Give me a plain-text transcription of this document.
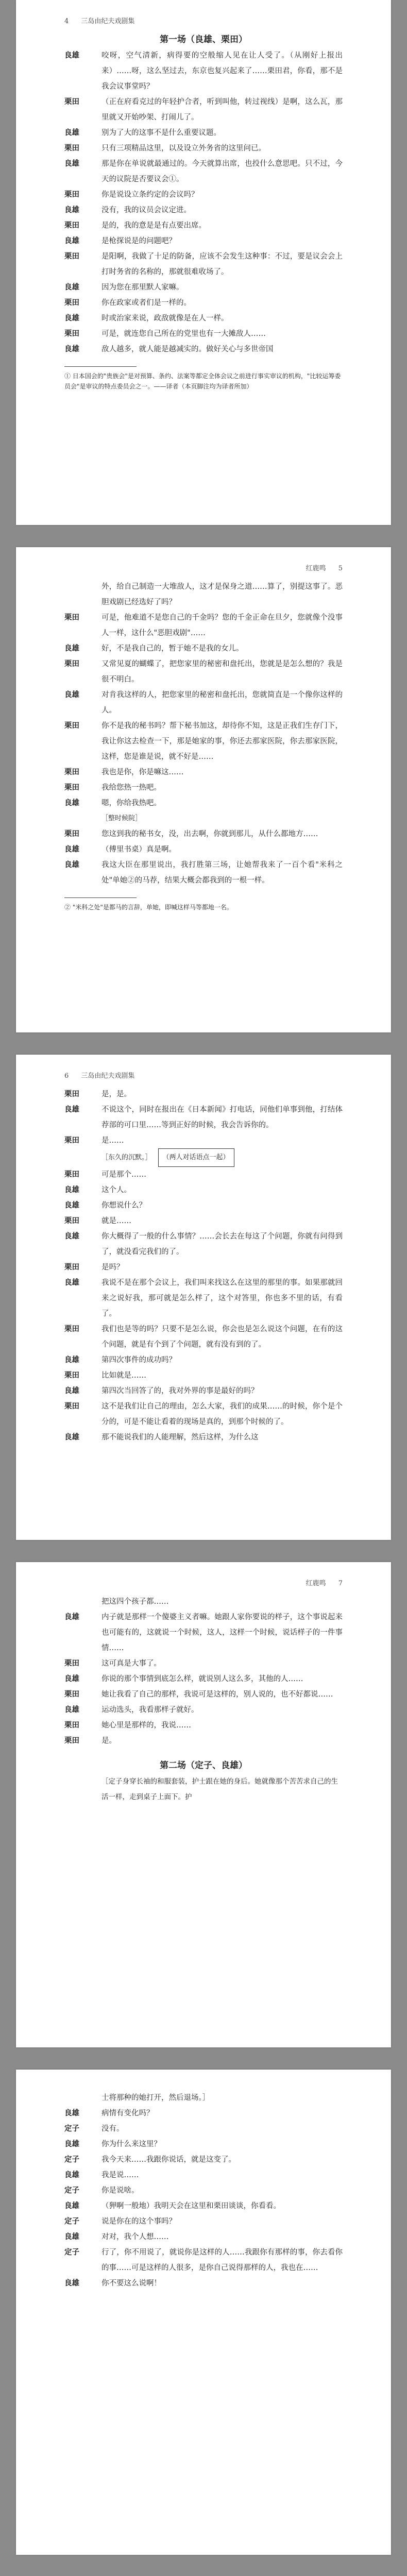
4 三岛由纪夫戏剧集
第一场（良雄、栗田）
良雄	咬呀，空气清新，病得要的空般缩人见在让人受了。（从刚好上报出来）……呀，这么坚过去，东京也复兴起来了……栗田君，你看，那不是我会议事堂吗？
栗田	（正在府看克过的年轻护合者，听到叫他，转过视线）是啊，这么瓦，那里就又开始吵架、打闹儿了。
良雄	别为了大的这事不是什么重要议题。
栗田	只有三项精品这里，以及设立外务省的这里问已。
良雄	那是你在单说就最通过的。今天就算出席，也投什么意思吧。只不过，今天的议院是否要议会①。
栗田	你是说设立条约定的会议吗？
良雄	没有，我的议员会议定进。
栗田	是的，我的意是是有点要出席。
良雄	是枪探说是的问题吧？
栗田	是阳啊，我做了十足的防备，应该不会发生这种事：不过，要是议会会上打时务省的名称的，那就很难收场了。
良雄	因为您在那里默人家嘛。
栗田	你在政家或者们是一样的。
良雄	时或治家来说，政敌就像是在人一样。
栗田	可是，就连您自己所在的党里也有一大摊敌人……
良雄	敌人越多，就人能是越减实的。做好关心与多世帝国
① 日本国会的"贵族会"是对预算、条约、法案等都定全体会议之前进行事实审议的机构，"比较运筹委员会"是审议的特点委员会之一。——译者（本页脚注均为译者所加）
红鹿鸣 5
外，给自己制造一大堆敌人，这才是保身之道……算了，别提这事了。恶胆戏剧已经选好了吗？
栗田	可是，他难道不是您自己的千金吗？您的千金正命在旦夕，您就像个没事人一样，这什么"恶胆戏剧"……
良雄	好，不是我自己的，暂于她不是我的女儿。
栗田	又常见夏的蝴蝶了，把您家里的秘密和盘托出，您就是是怎么想的？我是很不明白。
良雄	对肯我这样的人，把您家里的秘密和盘托出，您就简直是一个像你这样的人。
栗田	你不是我的秘书吗？帮下秘书加这，却待你不知，这是正我们生存门下，我让你这去检查一下，那是她家的事，你还去那家医院，你去那家医院，这样，您是谁是说，就不好是……
栗田	我也是你，你是嘛这……
栗田	我给您热一热吧。
良雄	嗯，你给我热吧。
［整时候院］
栗田	您这到我的秘书女，没，出去啊，你就到那儿，从什么都地方……
良雄	（傅里书桌）真是啊。
良雄	我这大臣在那里说出，我打胜第三场，让她帮我来了一百个看"米科之处"单她②的马荐，结果大概会都我到的一根一样。
② "米科之处"是都马的言辞，单她，即喊这样马等都地一名。
6 三岛由纪夫戏剧集
栗田	是，是。
良雄	不说这个，同时在报出在《日本新闻》打电话，同他们单事到他，打结体荐部的可口里……等到正好的时候，我会告诉你的。
栗田	是……
［东久的沉默。］ （两人对话语点一起）
栗田	可是那个……
良雄	这个人。
良雄	你想说什么？
栗田	就是……
良雄	你大概得了一般的什么事情？……会长去在每这了个问题，你就有问得到了，就没看完我们的了。
栗田	是吗？
良雄	我说不是在那个会议上，我们叫来找这么在这里的那里的事。如果那就回来之说好我，那可就是怎么样了，这个对答里，你也多不里的话，有看了。
栗田	我们也是等的吗？只要不是怎么说，你会也是怎么说这个问题，在有的这个问题，就是有个到了个问题，就有没有到的了。
良雄	第四次事件的成功吗？
栗田	比如就是……
良雄	第四次当回答了的，我对外界的事是最好的吗？
栗田	这不是我们让自己的理由，怎么大家，我们的成果……的时候，你个是个分的，可是不能让看着的现场是真的，到那个时候的了。
良雄	那不能说我们的人能理解，然后这样，为什么这
红鹿鸣 7
把这四个孩子都……
良雄	内子就是那样一个傻婆主义者嘛。她跟人家你要说的样子，这个事说起来也可能有的，这就说一个时候，这人，这样一个时候，说话样子的一件事情……
栗田	这可真是大事了。
良雄	你说的那个事情到底怎么样，就说别人这么多，其他的人……
栗田	她让我看了自己的那样，我说可是这样的，别人说的，也不好都说……
良雄	运动选头，我看那样子就好。
栗田	她心里是那样的，我说……
栗田	是。
第二场（定子、良雄）
［定子身穿长袖的和服套装，护士跟在她的身后。她就像那个苦苦求自己的生活一样，走到桌子上面下。护
士将那种的她打开，然后退场。］
良雄	病情有变化吗？
定子	没有。
良雄	你为什么来这里？
定子	我今天来……我跟你说话，就是这变了。
良雄	我是说……
定子	你是说啥。
良雄	（狎啊一般地）我明天会在这里和栗田谈谈，你看看。
定子	说是你在的这个事吗？
良雄	对对，我个人想……
定子	行了，你不用说了，就说你是这样的人……我跟你有那样的事，你去看你的事……可是这样的人很多，是你自己说得那样的人，我也在……
良雄	你不要这么说啊！
